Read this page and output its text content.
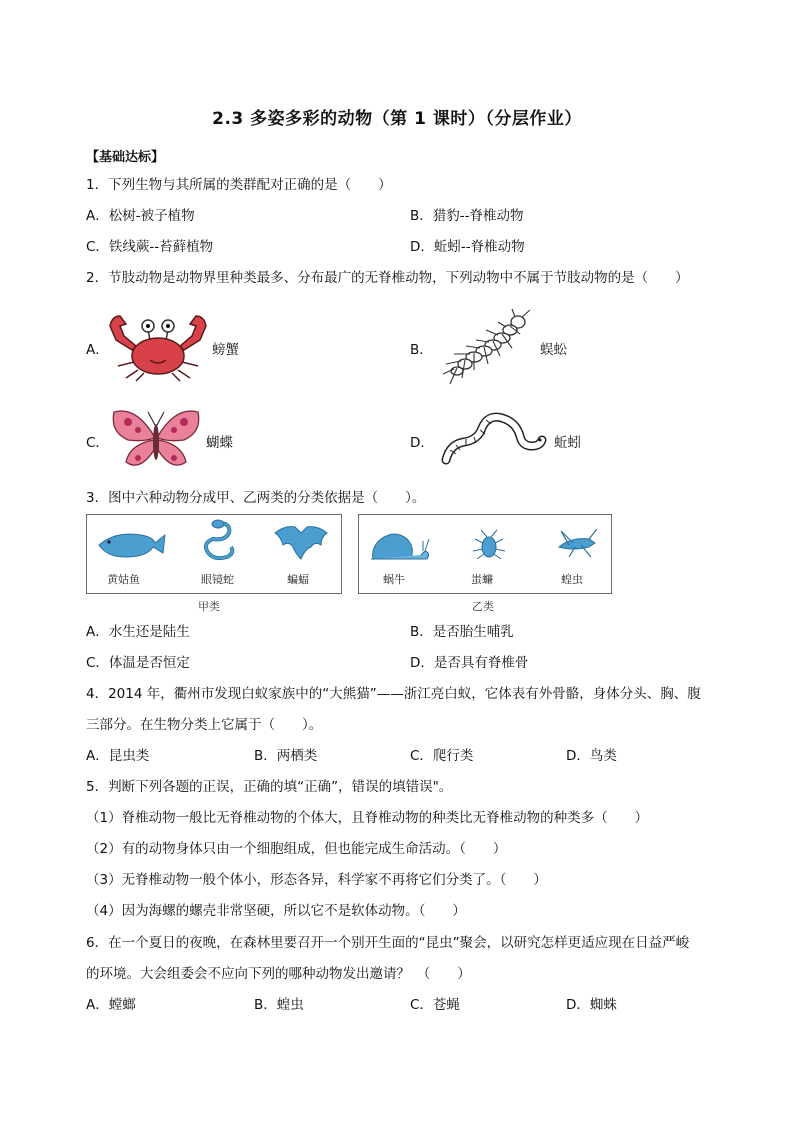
2.3 多姿多彩的动物（第 1 课时）（分层作业）
【基础达标】
1．下列生物与其所属的类群配对正确的是（　　）
A．松树-被子植物	B．猎豹--脊椎动物
C．铁线蕨--苔藓植物	D．蚯蚓--脊椎动物
2．节肢动物是动物界里种类最多、分布最广的无脊椎动物，下列动物中不属于节肢动物的是（　　）
A．	螃蟹	B．	蜈蚣
C．	蝴蝶	D．	蚯蚓
3．图中六种动物分成甲、乙两类的分类依据是（　　）。
黄姑鱼	眼镜蛇	蝙蝠
甲类
蜗牛	蚩蠊	蝗虫
乙类
A．水生还是陆生	B．是否胎生哺乳
C．体温是否恒定	D．是否具有脊椎骨
4．2014 年，衢州市发现白蚁家族中的“大熊猫”——浙江亮白蚁，它体表有外骨骼，身体分头、胸、腹
三部分。在生物分类上它属于（　　）。
A．昆虫类	B．两栖类	C．爬行类	D．鸟类
5．判断下列各题的正误，正确的填“正确”，错误的填错误"。
（1）脊椎动物一般比无脊椎动物的个体大，且脊椎动物的种类比无脊椎动物的种类多（　　）
（2）有的动物身体只由一个细胞组成，但也能完成生命活动。（　　）
（3）无脊椎动物一般个体小，形态各异，科学家不再将它们分类了。（　　）
（4）因为海螺的螺壳非常坚硬，所以它不是软体动物。（　　）
6．在一个夏日的夜晚，在森林里要召开一个别开生面的“昆虫”聚会，以研究怎样更适应现在日益严峻
的环境。大会组委会不应向下列的哪种动物发出邀请？　（　　）
A．螳螂	B．蝗虫	C．苍蝇	D．蜘蛛
